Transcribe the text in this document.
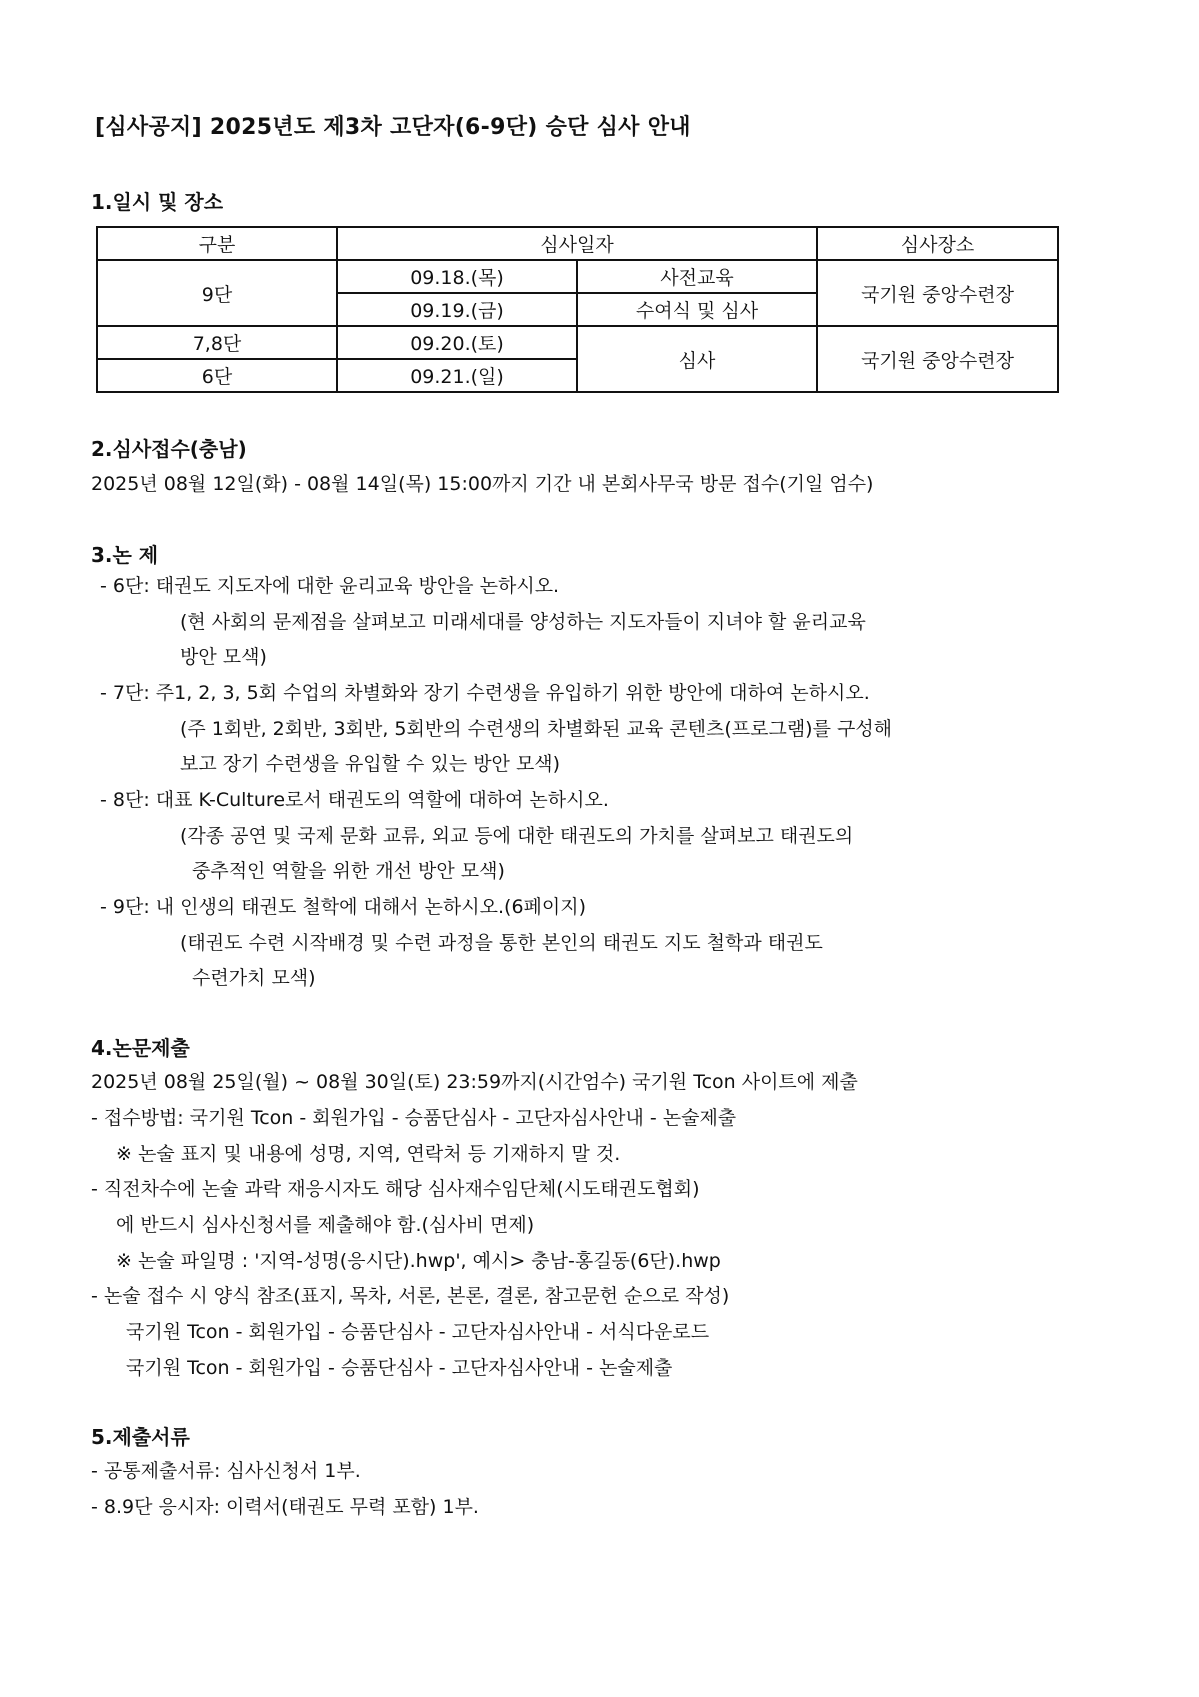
[심사공지] 2025년도 제3차 고단자(6-9단) 승단 심사 안내
1.일시 및 장소
구분	심사일자		심사장소
9단	09.18.(목)	사전교육	국기원 중앙수련장
	09.19.(금)	수여식 및 심사	
7,8단	09.20.(토)	심사	국기원 중앙수련장
6단	09.21.(일)		
2.심사접수(충남)
2025년 08월 12일(화) - 08월 14일(목) 15:00까지 기간 내 본회사무국 방문 접수(기일 엄수)
3.논 제
- 6단: 태권도 지도자에 대한 윤리교육 방안을 논하시오.
(현 사회의 문제점을 살펴보고 미래세대를 양성하는 지도자들이 지녀야 할 윤리교육
방안 모색)
- 7단: 주1, 2, 3, 5회 수업의 차별화와 장기 수련생을 유입하기 위한 방안에 대하여 논하시오.
(주 1회반, 2회반, 3회반, 5회반의 수련생의 차별화된 교육 콘텐츠(프로그램)를 구성해
보고 장기 수련생을 유입할 수 있는 방안 모색)
- 8단: 대표 K-Culture로서 태권도의 역할에 대하여 논하시오.
(각종 공연 및 국제 문화 교류, 외교 등에 대한 태권도의 가치를 살펴보고 태권도의
중추적인 역할을 위한 개선 방안 모색)
- 9단: 내 인생의 태권도 철학에 대해서 논하시오.(6페이지)
(태권도 수련 시작배경 및 수련 과정을 통한 본인의 태권도 지도 철학과 태권도
수련가치 모색)
4.논문제출
2025년 08월 25일(월) ~ 08월 30일(토) 23:59까지(시간엄수) 국기원 Tcon 사이트에 제출
- 접수방법: 국기원 Tcon - 회원가입 - 승품단심사 - 고단자심사안내 - 논술제출
※ 논술 표지 및 내용에 성명, 지역, 연락처 등 기재하지 말 것.
- 직전차수에 논술 과락 재응시자도 해당 심사재수임단체(시도태권도협회)
에 반드시 심사신청서를 제출해야 함.(심사비 면제)
※ 논술 파일명 : '지역-성명(응시단).hwp', 예시> 충남-홍길동(6단).hwp
- 논술 접수 시 양식 참조(표지, 목차, 서론, 본론, 결론, 참고문헌 순으로 작성)
국기원 Tcon - 회원가입 - 승품단심사 - 고단자심사안내 - 서식다운로드
국기원 Tcon - 회원가입 - 승품단심사 - 고단자심사안내 - 논술제출
5.제출서류
- 공통제출서류: 심사신청서 1부.
- 8.9단 응시자: 이력서(태권도 무력 포함) 1부.
